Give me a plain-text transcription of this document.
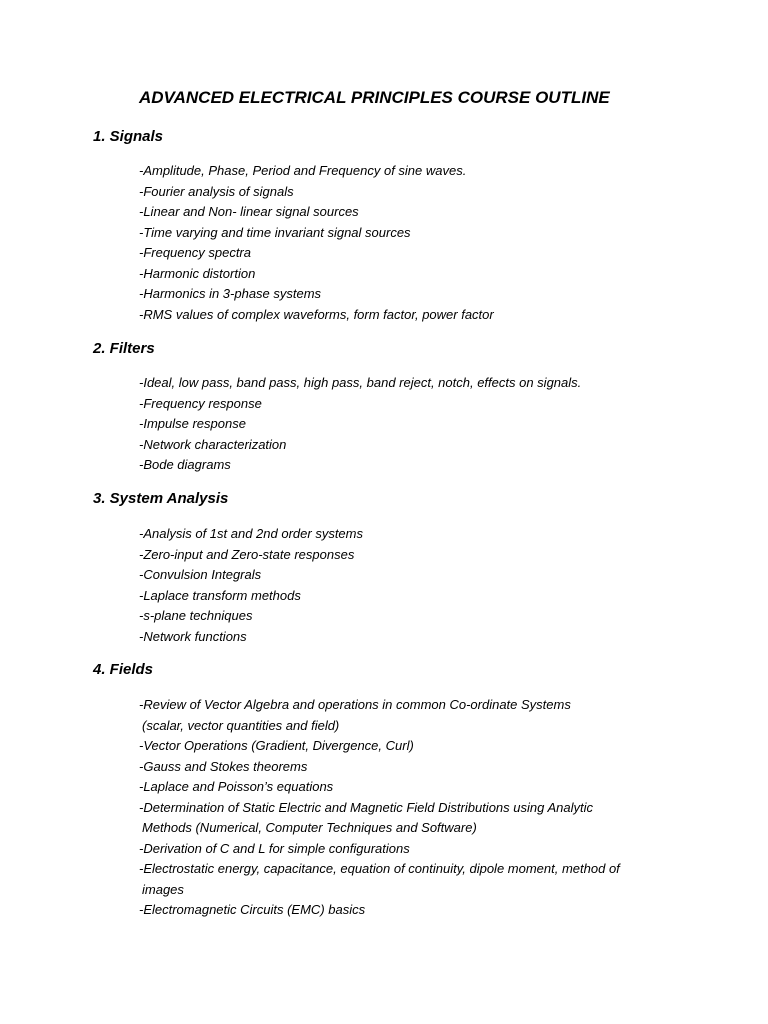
ADVANCED ELECTRICAL PRINCIPLES COURSE OUTLINE
1. Signals
-Amplitude, Phase, Period and Frequency of sine waves.
-Fourier analysis of signals
-Linear and Non- linear signal sources
-Time varying and time invariant signal sources
-Frequency spectra
-Harmonic distortion
-Harmonics in 3-phase systems
-RMS values of complex waveforms, form factor, power factor
2. Filters
-Ideal, low pass, band pass, high pass, band reject, notch, effects on signals.
-Frequency response
-Impulse response
-Network characterization
-Bode diagrams
3. System Analysis
-Analysis of 1st and 2nd order systems
-Zero-input and Zero-state responses
-Convulsion Integrals
-Laplace transform methods
-s-plane techniques
-Network functions
4. Fields
-Review of Vector Algebra and operations in common Co-ordinate Systems
(scalar, vector quantities and field)
-Vector Operations (Gradient, Divergence, Curl)
-Gauss and Stokes theorems
-Laplace and Poisson’s equations
-Determination of Static Electric and Magnetic Field Distributions using Analytic
Methods (Numerical, Computer Techniques and Software)
-Derivation of C and L for simple configurations
-Electrostatic energy, capacitance, equation of continuity, dipole moment, method of
images
-Electromagnetic Circuits (EMC) basics
